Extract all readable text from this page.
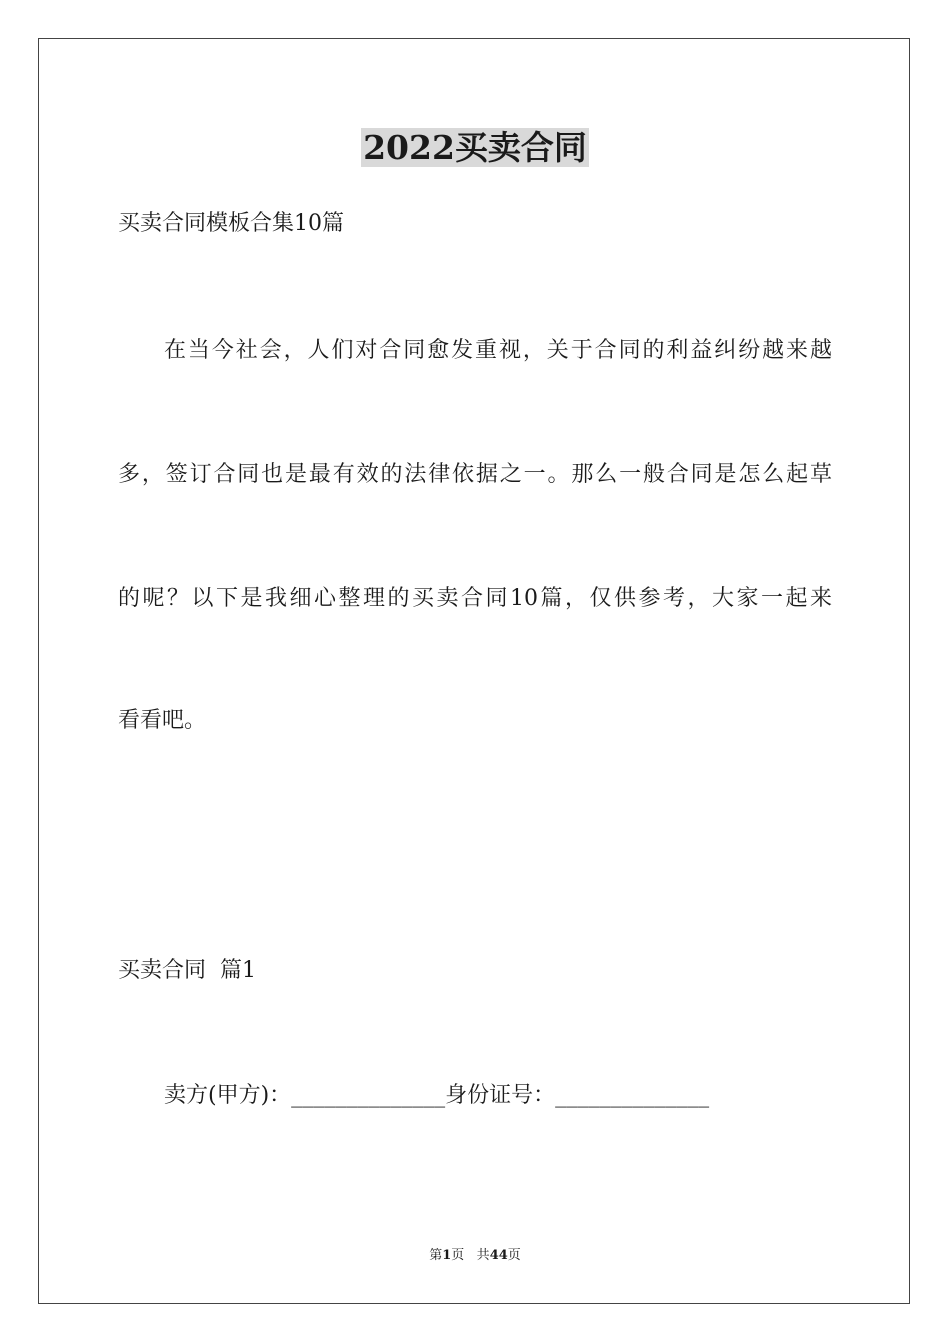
2022买卖合同
买卖合同模板合集10篇
在当今社会，人们对合同愈发重视，关于合同的利益纠纷越来越
多，签订合同也是最有效的法律依据之一。那么一般合同是怎么起草
的呢？以下是我细心整理的买卖合同10篇，仅供参考，大家一起来
看看吧。
买卖合同  篇1
卖方(甲方)：______________身份证号：______________
第1页 共44页
